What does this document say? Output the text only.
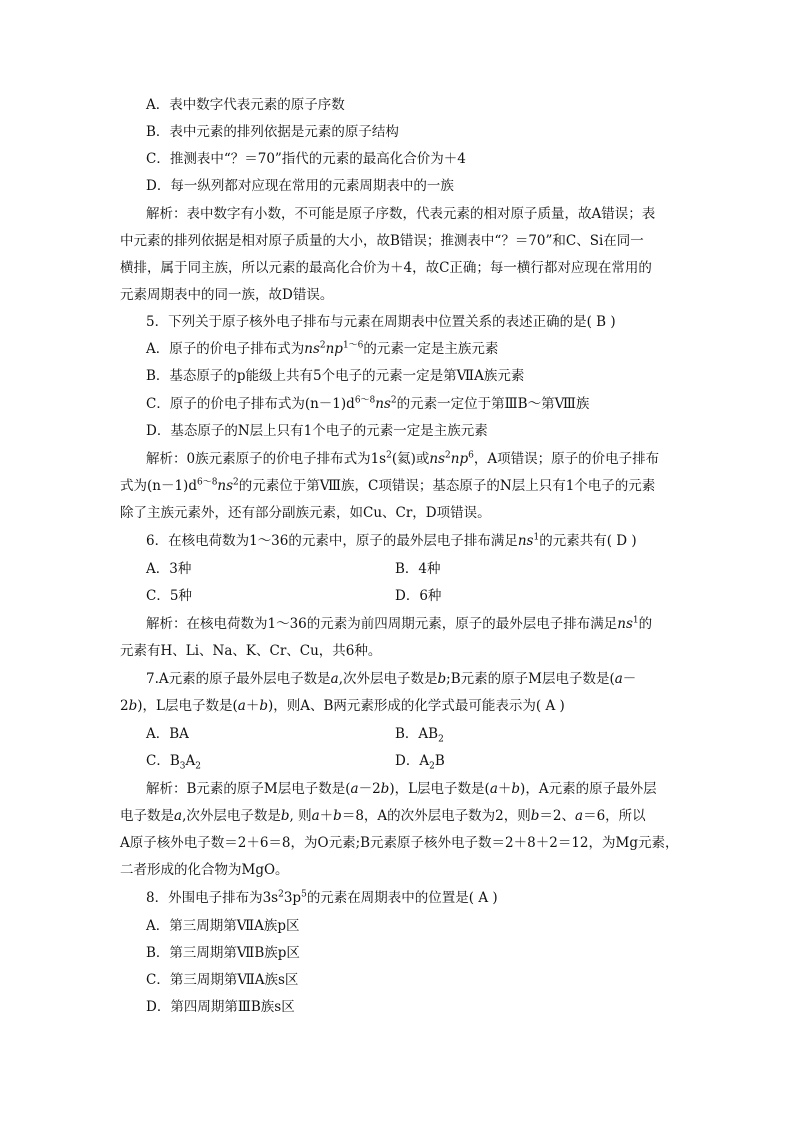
A．表中数字代表元素的原子序数
B．表中元素的排列依据是元素的原子结构
C．推测表中“？＝70”指代的元素的最高化合价为＋4
D．每一纵列都对应现在常用的元素周期表中的一族
解析：表中数字有小数，不可能是原子序数，代表元素的相对原子质量，故A错误；表
中元素的排列依据是相对原子质量的大小，故B错误；推测表中“？＝70”和C、Si在同一
横排，属于同主族，所以元素的最高化合价为＋4，故C正确；每一横行都对应现在常用的
元素周期表中的同一族，故D错误。
5．下列关于原子核外电子排布与元素在周期表中位置关系的表述正确的是( B )
A．原子的价电子排布式为$ns^2np^{1\sim 6}$的元素一定是主族元素
B．基态原子的p能级上共有5个电子的元素一定是第ⅦA族元素
C．原子的价电子排布式为$(n-1)d^{6\sim 8}ns^2$的元素一定位于第ⅢB～第Ⅷ族
D．基态原子的N层上只有1个电子的元素一定是主族元素
解析：0族元素原子的价电子排布式为$1s^2$(氦)或$ns^2np^6$，A项错误；原子的价电子排布
式为$(n-1)d^{6\sim 8}ns^2$的元素位于第Ⅷ族，C项错误；基态原子的N层上只有1个电子的元素
除了主族元素外，还有部分副族元素，如Cu、Cr，D项错误。
6．在核电荷数为1～36的元素中，原子的最外层电子排布满足$ns^1$的元素共有( D )
A．3种	B．4种
C．5种	D．6种
解析：在核电荷数为1～36的元素为前四周期元素，原子的最外层电子排布满足$ns^1$的
元素有H、Li、Na、K、Cr、Cu，共6种。
7.A元素的原子最外层电子数是a,次外层电子数是b;B元素的原子M层电子数是(a－
2b)，L层电子数是(a＋b)，则A、B两元素形成的化学式最可能表示为( A )
A．BA	B．$AB_2$
C．$B_3A_2$	D．$A_2B$
解析：B元素的原子M层电子数是(a－2b)，L层电子数是(a＋b)，A元素的原子最外层
电子数是a,次外层电子数是b, 则a＋b＝8，A的次外层电子数为2，则b＝2、a＝6，所以
A原子核外电子数＝2＋6＝8，为O元素;B元素原子核外电子数＝2＋8＋2＝12，为Mg元素，
二者形成的化合物为MgO。
8．外围电子排布为$3s^23p^5$的元素在周期表中的位置是( A )
A．第三周期第ⅦA族p区
B．第三周期第ⅦB族p区
C．第三周期第ⅦA族s区
D．第四周期第ⅢB族s区
